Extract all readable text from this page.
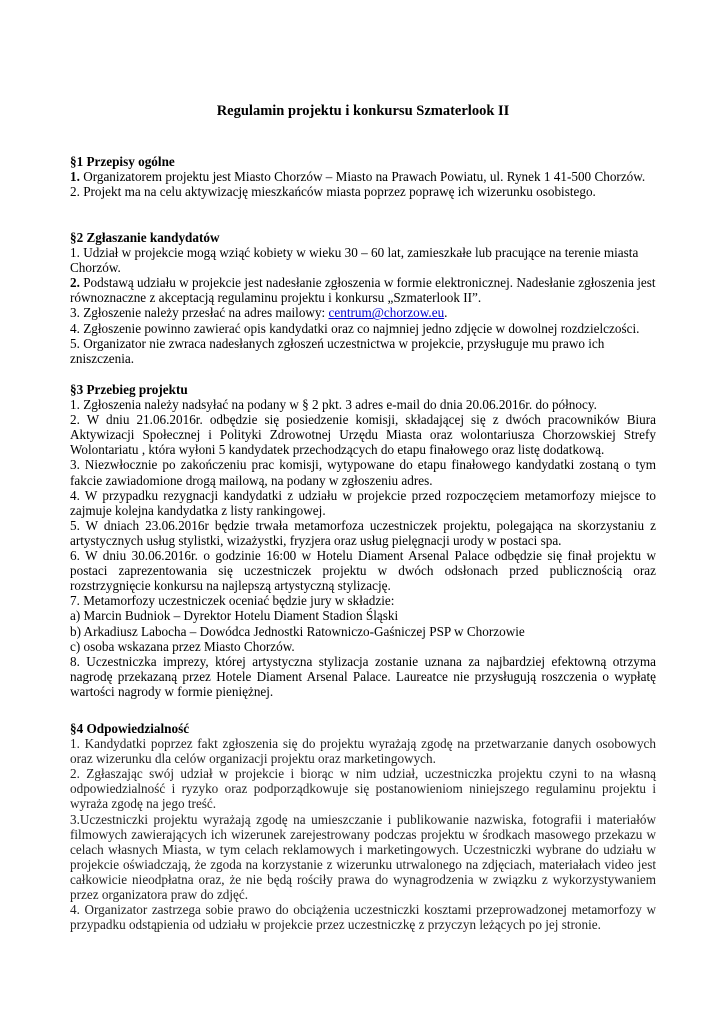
Regulamin projektu i konkursu Szmaterlook II
§1 Przepisy ogólne

1. Organizatorem projektu jest Miasto Chorzów – Miasto na Prawach Powiatu, ul. Rynek 1 41-500 Chorzów.

2. Projekt ma na celu aktywizację mieszkańców miasta poprzez poprawę ich wizerunku osobistego.

§2 Zgłaszanie kandydatów

1. Udział w projekcie mogą wziąć kobiety w wieku 30 – 60 lat, zamieszkałe lub pracujące na terenie miasta Chorzów.

2. Podstawą udziału w projekcie jest nadesłanie zgłoszenia w formie elektronicznej. Nadesłanie zgłoszenia jest równoznaczne z akceptacją regulaminu projektu i konkursu „Szmaterlook II”.

3. Zgłoszenie należy przesłać na adres mailowy: centrum@chorzow.eu.

4. Zgłoszenie powinno zawierać opis kandydatki oraz co najmniej jedno zdjęcie w dowolnej rozdzielczości.

5. Organizator nie zwraca nadesłanych zgłoszeń uczestnictwa w projekcie, przysługuje mu prawo ich zniszczenia.

§3 Przebieg projektu

1. Zgłoszenia należy nadsyłać na podany w § 2 pkt. 3 adres e-mail do dnia 20.06.2016r. do północy.

2. W dniu 21.06.2016r. odbędzie się posiedzenie komisji, składającej się z dwóch pracowników Biura Aktywizacji Społecznej i Polityki Zdrowotnej Urzędu Miasta oraz wolontariusza Chorzowskiej Strefy Wolontariatu , która wyłoni 5 kandydatek przechodzących do etapu finałowego oraz listę dodatkową.

3. Niezwłocznie po zakończeniu prac komisji, wytypowane do etapu finałowego kandydatki zostaną o tym fakcie zawiadomione drogą mailową, na podany w zgłoszeniu adres.

4. W przypadku rezygnacji kandydatki z udziału w projekcie przed rozpoczęciem metamorfozy miejsce to zajmuje kolejna kandydatka z listy rankingowej.

5. W dniach 23.06.2016r będzie trwała metamorfoza uczestniczek projektu, polegająca na skorzystaniu z artystycznych usług stylistki, wizażystki, fryzjera oraz usług pielęgnacji urody w postaci spa.

6. W dniu 30.06.2016r. o godzinie 16:00 w Hotelu Diament Arsenal Palace odbędzie się finał projektu w postaci zaprezentowania się uczestniczek projektu w dwóch odsłonach przed publicznością oraz rozstrzygnięcie konkursu na najlepszą artystyczną stylizację.

7. Metamorfozy uczestniczek oceniać będzie jury w składzie:

a) Marcin Budniok – Dyrektor Hotelu Diament Stadion Śląski

b) Arkadiusz Labocha – Dowódca Jednostki Ratowniczo-Gaśniczej PSP w Chorzowie

c) osoba wskazana przez Miasto Chorzów.

8. Uczestniczka imprezy, której artystyczna stylizacja zostanie uznana za najbardziej efektowną otrzyma nagrodę przekazaną przez Hotele Diament Arsenal Palace. Laureatce nie przysługują roszczenia o wypłatę wartości nagrody w formie pieniężnej.

§4 Odpowiedzialność

1. Kandydatki poprzez fakt zgłoszenia się do projektu wyrażają zgodę na przetwarzanie danych osobowych oraz wizerunku dla celów organizacji projektu oraz marketingowych.

2. Zgłaszając swój udział w projekcie i biorąc w nim udział, uczestniczka projektu czyni to na własną odpowiedzialność i ryzyko oraz podporządkowuje się postanowieniom niniejszego regulaminu projektu i wyraża zgodę na jego treść.

3.Uczestniczki projektu wyrażają zgodę na umieszczanie i publikowanie nazwiska, fotografii i materiałów filmowych zawierających ich wizerunek zarejestrowany podczas projektu w środkach masowego przekazu w celach własnych Miasta, w tym celach reklamowych i marketingowych. Uczestniczki wybrane do udziału w projekcie oświadczają, że zgoda na korzystanie z wizerunku utrwalonego na zdjęciach, materiałach video jest całkowicie nieodpłatna oraz, że nie będą rościły prawa do wynagrodzenia w związku z wykorzystywaniem przez organizatora praw do zdjęć.

4. Organizator zastrzega sobie prawo do obciążenia uczestniczki kosztami przeprowadzonej metamorfozy w przypadku odstąpienia od udziału w projekcie przez uczestniczkę z przyczyn leżących po jej stronie.
